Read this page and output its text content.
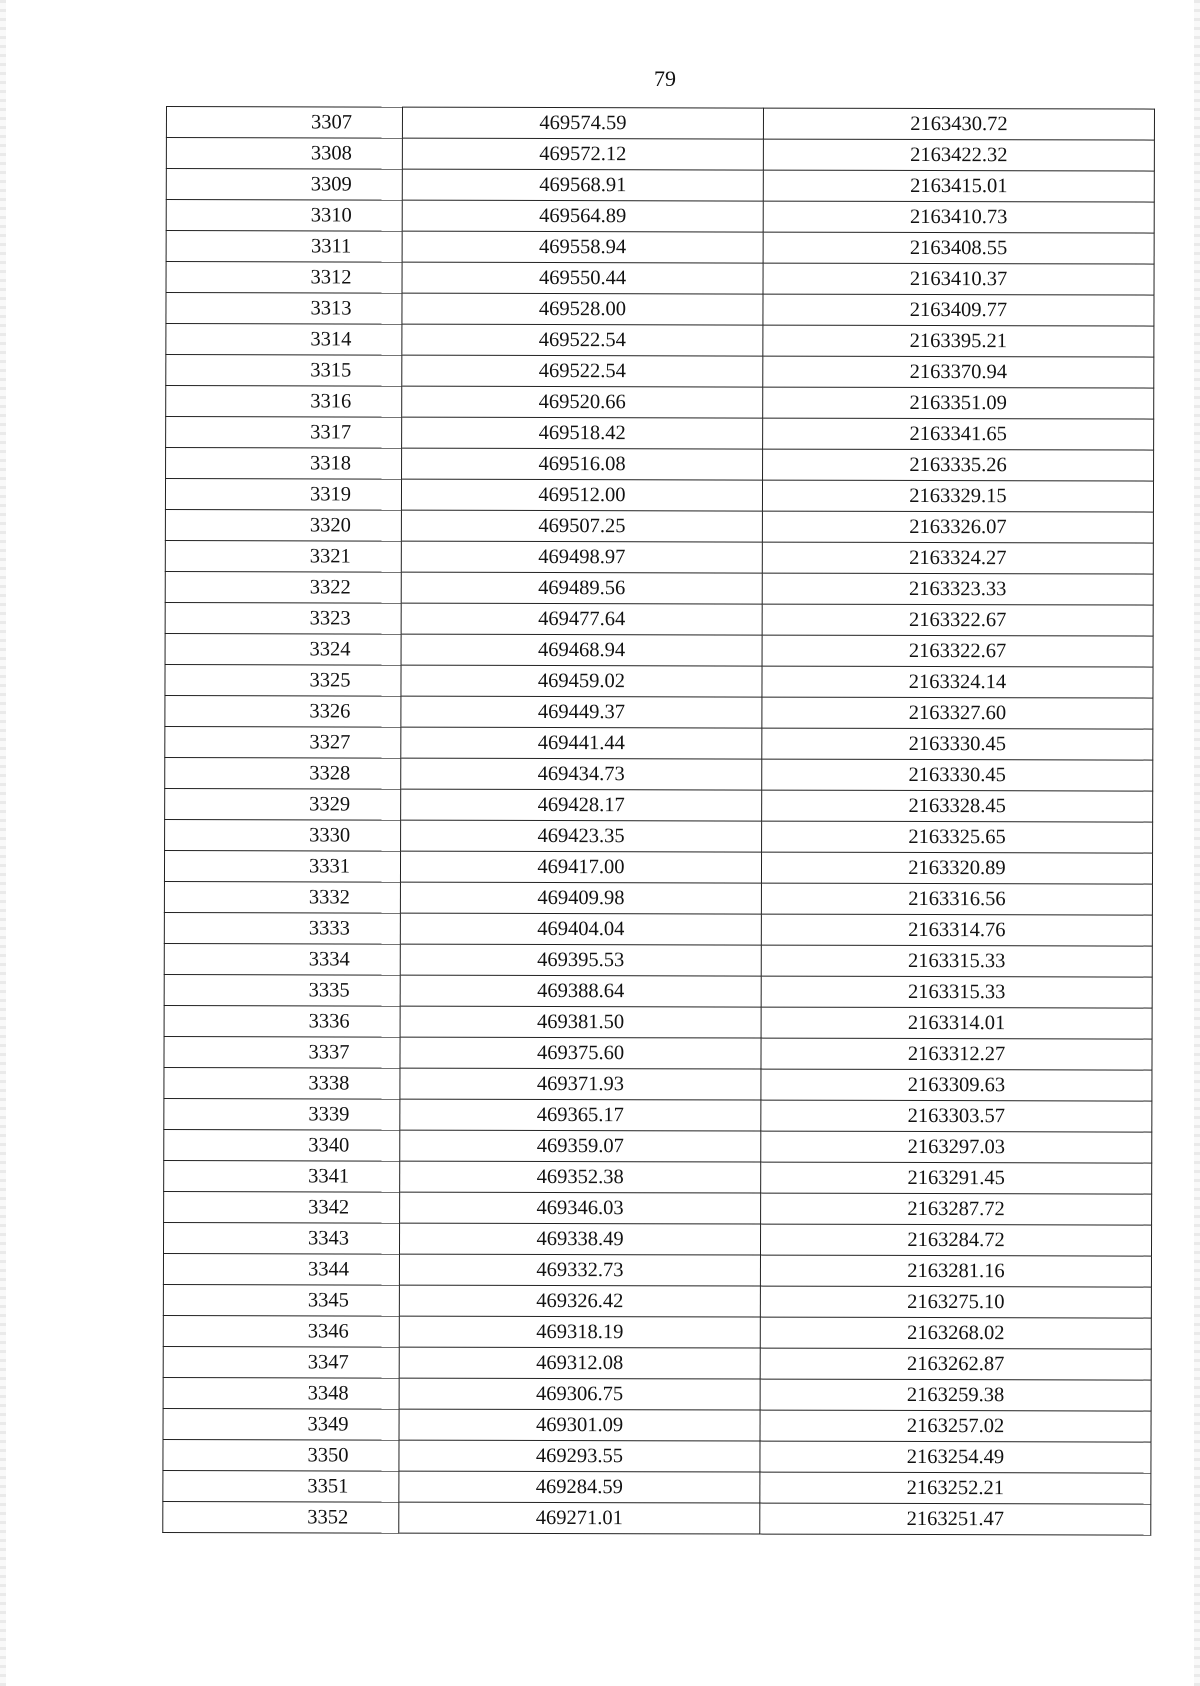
79
3307	469574.59	2163430.72
3308	469572.12	2163422.32
3309	469568.91	2163415.01
3310	469564.89	2163410.73
3311	469558.94	2163408.55
3312	469550.44	2163410.37
3313	469528.00	2163409.77
3314	469522.54	2163395.21
3315	469522.54	2163370.94
3316	469520.66	2163351.09
3317	469518.42	2163341.65
3318	469516.08	2163335.26
3319	469512.00	2163329.15
3320	469507.25	2163326.07
3321	469498.97	2163324.27
3322	469489.56	2163323.33
3323	469477.64	2163322.67
3324	469468.94	2163322.67
3325	469459.02	2163324.14
3326	469449.37	2163327.60
3327	469441.44	2163330.45
3328	469434.73	2163330.45
3329	469428.17	2163328.45
3330	469423.35	2163325.65
3331	469417.00	2163320.89
3332	469409.98	2163316.56
3333	469404.04	2163314.76
3334	469395.53	2163315.33
3335	469388.64	2163315.33
3336	469381.50	2163314.01
3337	469375.60	2163312.27
3338	469371.93	2163309.63
3339	469365.17	2163303.57
3340	469359.07	2163297.03
3341	469352.38	2163291.45
3342	469346.03	2163287.72
3343	469338.49	2163284.72
3344	469332.73	2163281.16
3345	469326.42	2163275.10
3346	469318.19	2163268.02
3347	469312.08	2163262.87
3348	469306.75	2163259.38
3349	469301.09	2163257.02
3350	469293.55	2163254.49
3351	469284.59	2163252.21
3352	469271.01	2163251.47
